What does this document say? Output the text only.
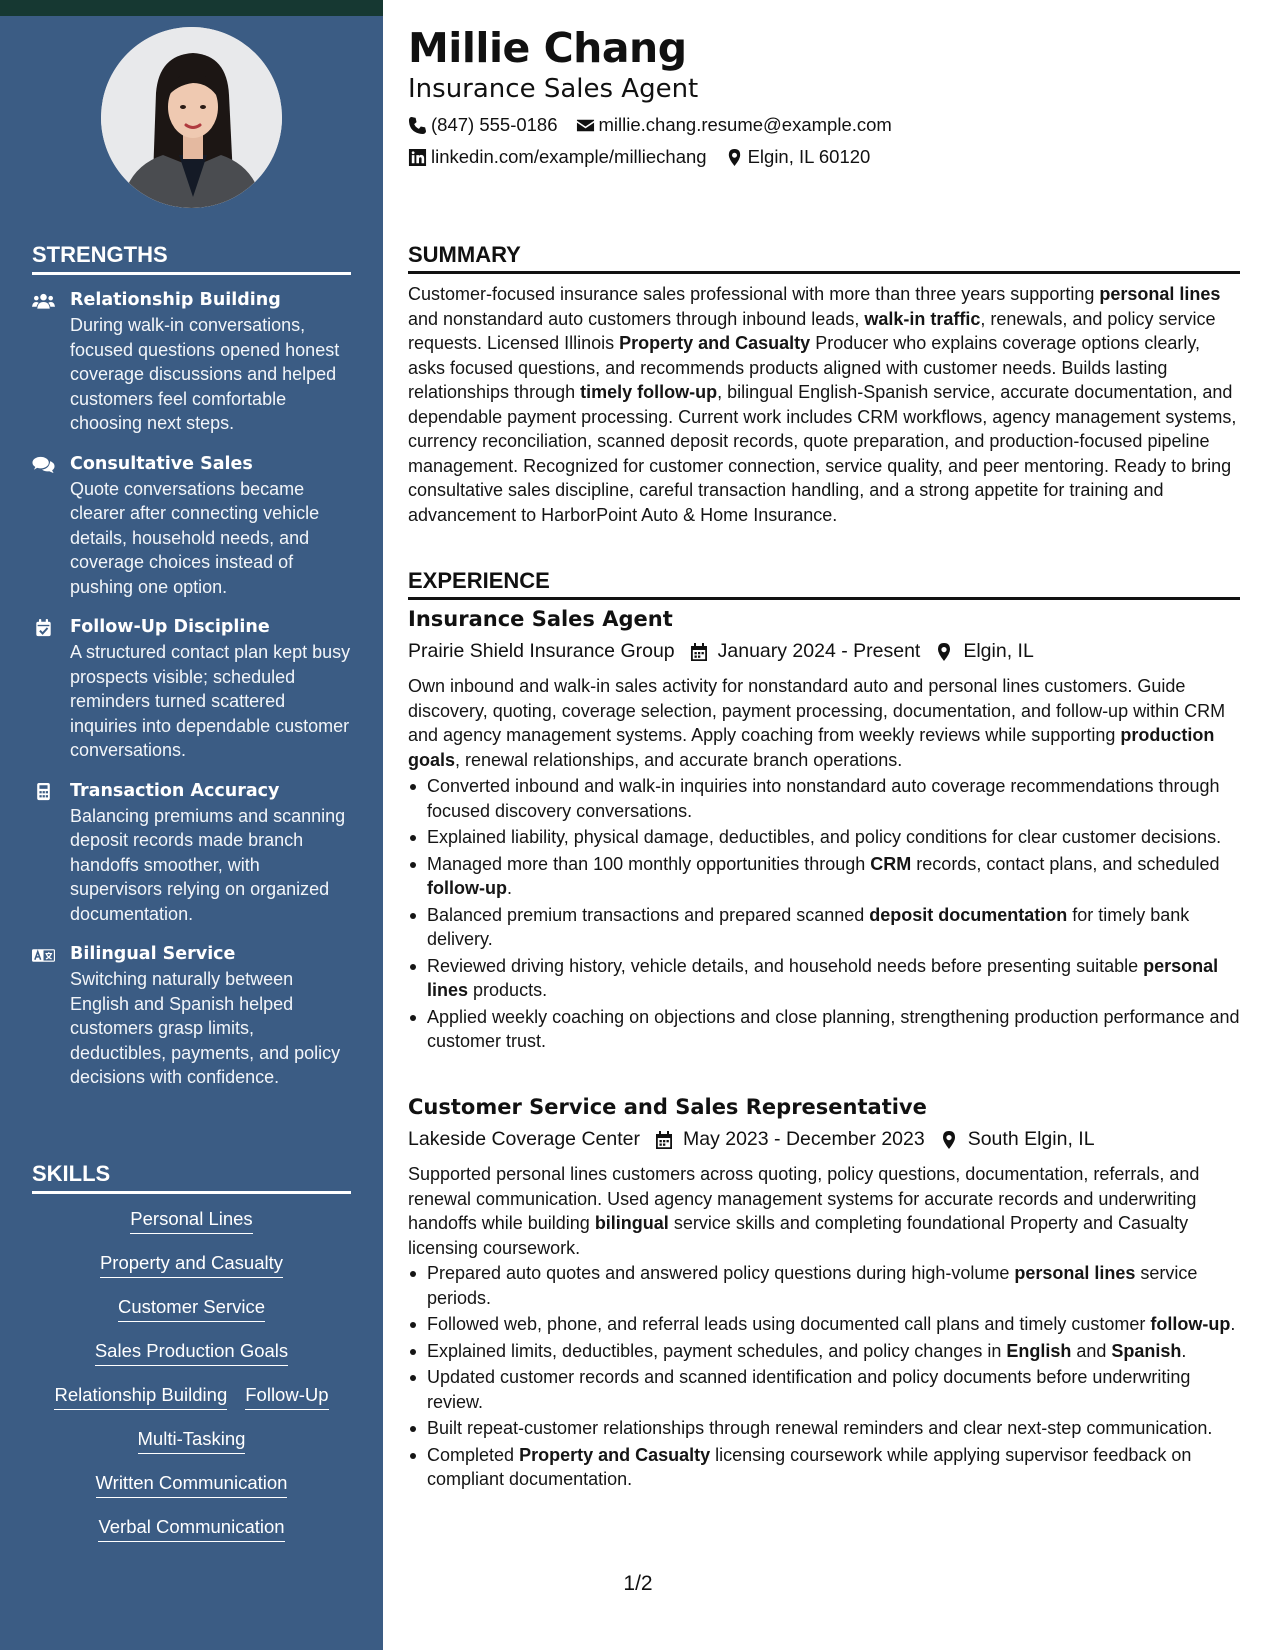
STRENGTHS
Relationship Building
During walk-in conversations, focused questions opened honest coverage discussions and helped customers feel comfortable choosing next steps.
Consultative Sales
Quote conversations became clearer after connecting vehicle details, household needs, and coverage choices instead of pushing one option.
Follow-Up Discipline
A structured contact plan kept busy prospects visible; scheduled reminders turned scattered inquiries into dependable customer conversations.
Transaction Accuracy
Balancing premiums and scanning deposit records made branch handoffs smoother, with supervisors relying on organized documentation.
Bilingual Service
Switching naturally between English and Spanish helped customers grasp limits, deductibles, payments, and policy decisions with confidence.
SKILLS
Personal Lines
Property and Casualty
Customer Service
Sales Production Goals
Relationship Building Follow-Up
Multi-Tasking
Written Communication
Verbal Communication
Millie Chang
Insurance Sales Agent
(847) 555-0186 millie.chang.resume@example.com
linkedin.com/example/milliechang Elgin, IL 60120
SUMMARY
Customer-focused insurance sales professional with more than three years supporting personal lines and nonstandard auto customers through inbound leads, walk-in traffic, renewals, and policy service requests. Licensed Illinois Property and Casualty Producer who explains coverage options clearly, asks focused questions, and recommends products aligned with customer needs. Builds lasting relationships through timely follow-up, bilingual English-Spanish service, accurate documentation, and dependable payment processing. Current work includes CRM workflows, agency management systems, currency reconciliation, scanned deposit records, quote preparation, and production-focused pipeline management. Recognized for customer connection, service quality, and peer mentoring. Ready to bring consultative sales discipline, careful transaction handling, and a strong appetite for training and advancement to HarborPoint Auto & Home Insurance.
EXPERIENCE
Insurance Sales Agent
Prairie Shield Insurance Group January 2024 - Present Elgin, IL
Own inbound and walk-in sales activity for nonstandard auto and personal lines customers. Guide discovery, quoting, coverage selection, payment processing, documentation, and follow-up within CRM and agency management systems. Apply coaching from weekly reviews while supporting production goals, renewal relationships, and accurate branch operations.
Converted inbound and walk-in inquiries into nonstandard auto coverage recommendations through focused discovery conversations.
Explained liability, physical damage, deductibles, and policy conditions for clear customer decisions.
Managed more than 100 monthly opportunities through CRM records, contact plans, and scheduled follow-up.
Balanced premium transactions and prepared scanned deposit documentation for timely bank delivery.
Reviewed driving history, vehicle details, and household needs before presenting suitable personal lines products.
Applied weekly coaching on objections and close planning, strengthening production performance and customer trust.
Customer Service and Sales Representative
Lakeside Coverage Center May 2023 - December 2023 South Elgin, IL
Supported personal lines customers across quoting, policy questions, documentation, referrals, and renewal communication. Used agency management systems for accurate records and underwriting handoffs while building bilingual service skills and completing foundational Property and Casualty licensing coursework.
Prepared auto quotes and answered policy questions during high-volume personal lines service periods.
Followed web, phone, and referral leads using documented call plans and timely customer follow-up.
Explained limits, deductibles, payment schedules, and policy changes in English and Spanish.
Updated customer records and scanned identification and policy documents before underwriting review.
Built repeat-customer relationships through renewal reminders and clear next-step communication.
Completed Property and Casualty licensing coursework while applying supervisor feedback on compliant documentation.
1/2
